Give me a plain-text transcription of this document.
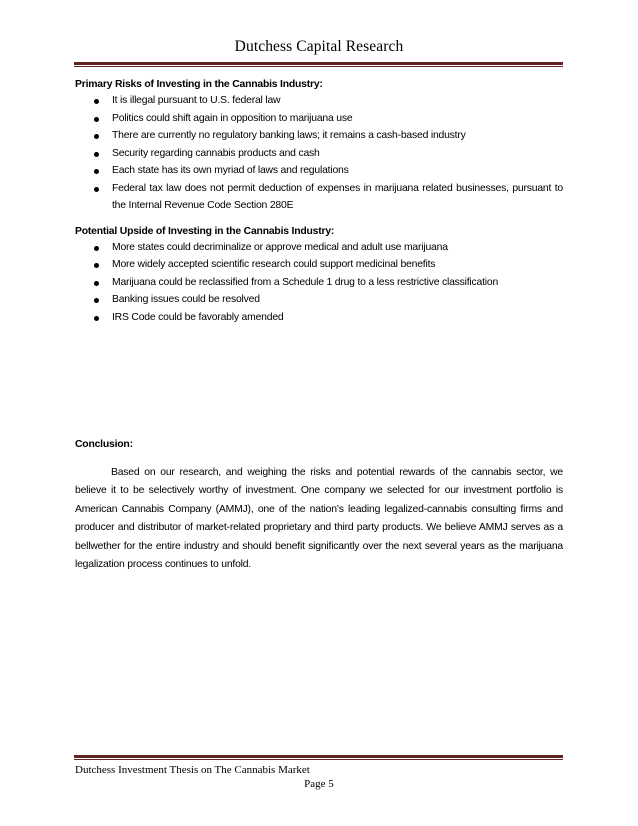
Dutchess Capital Research

Primary Risks of Investing in the Cannabis Industry:

It is illegal pursuant to U.S. federal law
Politics could shift again in opposition to marijuana use
There are currently no regulatory banking laws; it remains a cash-based industry
Security regarding cannabis products and cash
Each state has its own myriad of laws and regulations
Federal tax law does not permit deduction of expenses in marijuana related businesses, pursuant to the Internal Revenue Code Section 280E

Potential Upside of Investing in the Cannabis Industry:

More states could decriminalize or approve medical and adult use marijuana
More widely accepted scientific research could support medicinal benefits
Marijuana could be reclassified from a Schedule 1 drug to a less restrictive classification
Banking issues could be resolved
IRS Code could be favorably amended

Conclusion:

Based on our research, and weighing the risks and potential rewards of the cannabis sector, we believe it to be selectively worthy of investment. One company we selected for our investment portfolio is American Cannabis Company (AMMJ), one of the nation’s leading legalized-cannabis consulting firms and producer and distributor of market-related proprietary and third party products. We believe AMMJ serves as a bellwether for the entire industry and should benefit significantly over the next several years as the marijuana legalization process continues to unfold.

Dutchess Investment Thesis on The Cannabis Market
Page 5
